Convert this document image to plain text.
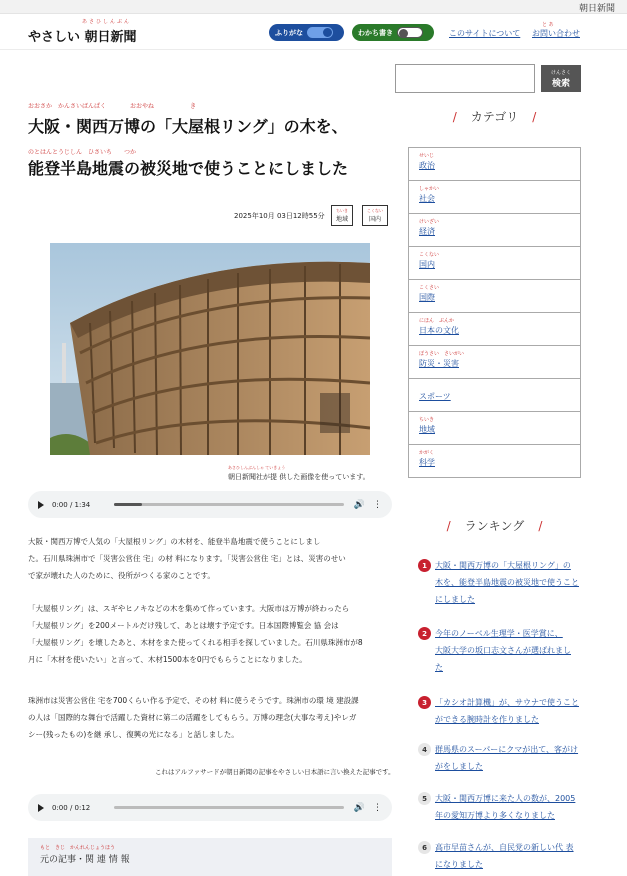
朝日新聞
あさひしんぶん
やさしい 朝日新聞	ふりがな	わかち書き	このサイトについて
と あ
お問い合わせ
けんさく
検索
おおさか　かんさいばんぱく　　　　おおやね　　　　　　き
大阪・関西万博の「大屋根リング」の木を、
のとはんとうじしん　ひさいち　　つか
能登半島地震の被災地で使うことにしました
2025年10月 03日12時55分
ちいき
地域
こくない
国内
あさひしんぶんしゃ ていきょう
朝日新聞社が提 供した画像を使っています。
0:00 / 1:34	🔊 ⋮
大阪・関西万博で人気の「大屋根リング」の木材を、能登半島地震で使うことにしまし
た。石川県珠洲市で「災害公営住 宅」の材 料になります。「災害公営住 宅」とは、災害のせい
で家が壊れた人のために、役所がつくる家のことです。
「大屋根リング」は、スギやヒノキなどの木を集めて作っています。大阪市は万博が終わったら
「大屋根リング」を200メートルだけ残して、あとは壊す予定です。日本国際博覧会 協 会は
「大屋根リング」を壊したあと、木材をまた使ってくれる相手を探していました。石川県珠洲市が8
月に「木材を使いたい」と言って、木材1500本を0円でもらうことになりました。
珠洲市は災害公営住 宅を700くらい作る予定で、その材 料に使うそうです。珠洲市の環 境 建設課
の人は「国際的な舞台で活躍した資材に第二の活躍をしてもらう。万博の理念(大事な考え)やレガ
シー(残ったもの)を継 承し、復興の光になる」と話しました。
これはアルファサードが朝日新聞の記事をやさしい日本語に言い換えた記事です。
0:00 / 0:12	🔊 ⋮
もと　きじ　かんれんじょうほう
元の記事・関 連 情 報
/ カテゴリ /
せいじ
政治
しゃかい
社会
けいざい
経済
こくない
国内
こくさい
国際
にほん　ぶんか
日本の文化
ぼうさい　さいがい
防災・災害
スポーツ
ちいき
地域
かがく
科学
/ ランキング /
1	大阪・関西万博の「大屋根リング」の
木を、能登半島地震の被災地で使うこと
にしました

2	今年のノーベル生理学・医学賞に、
大阪大学の坂口志文さんが選ばれまし
た

3	「カシオ計算機」が、サウナで使うこと
ができる腕時計を作りました

4	群馬県のスーパーにクマが出て、客がけ
がをしました

5	大阪・関西万博に来た人の数が、2005
年の愛知万博より多くなりました

6	高市早苗さんが、自民党の新しい代 表
になりました
